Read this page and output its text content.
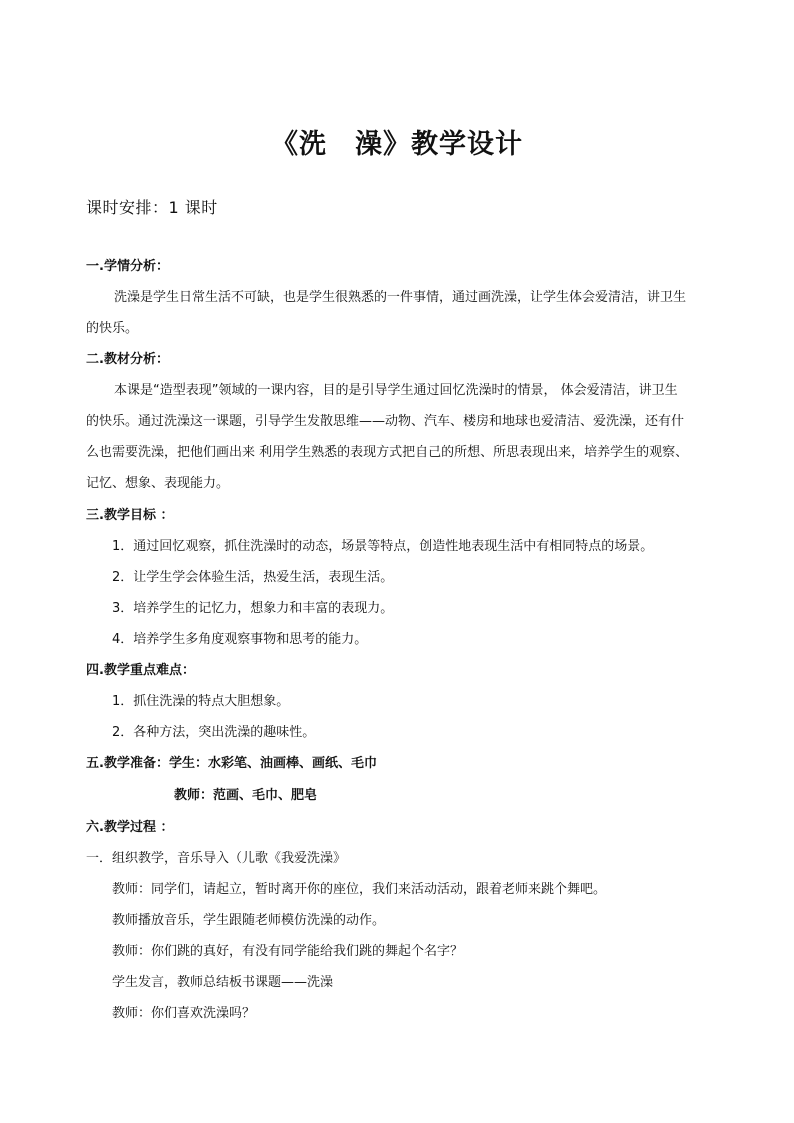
《洗　澡》教学设计
课时安排：1 课时
一.学情分析：
洗澡是学生日常生活不可缺，也是学生很熟悉的一件事情，通过画洗澡，让学生体会爱清洁，讲卫生
的快乐。
二.教材分析：
本课是“造型表现”领域的一课内容，目的是引导学生通过回忆洗澡时的情景， 体会爱清洁，讲卫生
的快乐。通过洗澡这一课题，引导学生发散思维——动物、汽车、楼房和地球也爱清洁、爱洗澡，还有什
么也需要洗澡，把他们画出来 利用学生熟悉的表现方式把自己的所想、所思表现出来，培养学生的观察、
记忆、想象、表现能力。
三.教学目标 ：
1．通过回忆观察，抓住洗澡时的动态，场景等特点，创造性地表现生活中有相同特点的场景。
2．让学生学会体验生活，热爱生活，表现生活。
3．培养学生的记忆力，想象力和丰富的表现力。
4．培养学生多角度观察事物和思考的能力。
四.教学重点难点：
1．抓住洗澡的特点大胆想象。
2．各种方法，突出洗澡的趣味性。
五.教学准备：学生：水彩笔、油画棒、画纸、毛巾
教师：范画、毛巾、肥皂
六.教学过程 ：
一．组织教学，音乐导入（儿歌《我爱洗澡》
教师：同学们，请起立，暂时离开你的座位，我们来活动活动，跟着老师来跳个舞吧。
教师播放音乐，学生跟随老师模仿洗澡的动作。
教师：你们跳的真好，有没有同学能给我们跳的舞起个名字？
学生发言，教师总结板书课题——洗澡
教师：你们喜欢洗澡吗？
